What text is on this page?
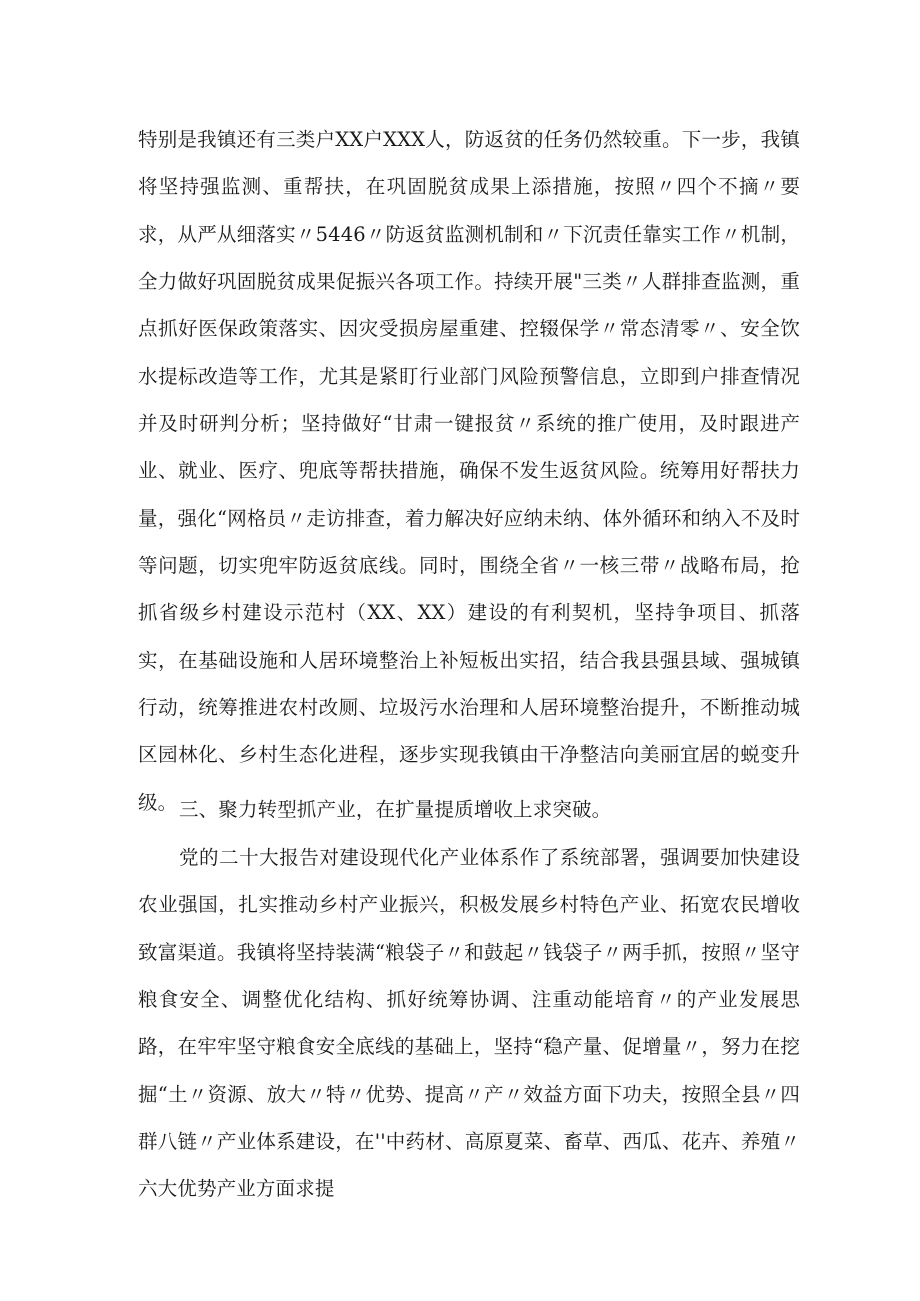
特别是我镇还有三类户XX户XXX人，防返贫的任务仍然较重。下一步，我镇将坚持强监测、重帮扶，在巩固脱贫成果上添措施，按照〃四个不摘〃要求，从严从细落实〃5446〃防返贫监测机制和〃下沉责任靠实工作〃机制，全力做好巩固脱贫成果促振兴各项工作。持续开展"三类〃人群排查监测，重点抓好医保政策落实、因灾受损房屋重建、控辍保学〃常态清零〃、安全饮水提标改造等工作，尤其是紧盯行业部门风险预警信息，立即到户排查情况并及时研判分析；坚持做好“甘肃一键报贫〃系统的推广使用，及时跟进产业、就业、医疗、兜底等帮扶措施，确保不发生返贫风险。统筹用好帮扶力量，强化“网格员〃走访排查，着力解决好应纳未纳、体外循环和纳入不及时等问题，切实兜牢防返贫底线。同时，围绕全省〃一核三带〃战略布局，抢抓省级乡村建设示范村（XX、XX）建设的有利契机，坚持争项目、抓落实，在基础设施和人居环境整治上补短板出实招，结合我县强县域、强城镇行动，统筹推进农村改厕、垃圾污水治理和人居环境整治提升，不断推动城区园林化、乡村生态化进程，逐步实现我镇由干净整洁向美丽宜居的蜕变升级。 三、聚力转型抓产业，在扩量提质增收上求突破。

党的二十大报告对建设现代化产业体系作了系统部署，强调要加快建设农业强国，扎实推动乡村产业振兴，积极发展乡村特色产业、拓宽农民增收致富渠道。我镇将坚持装满“粮袋子〃和鼓起〃钱袋子〃两手抓，按照〃坚守粮食安全、调整优化结构、抓好统筹协调、注重动能培育〃的产业发展思路，在牢牢坚守粮食安全底线的基础上，坚持“稳产量、促增量〃，努力在挖掘“土〃资源、放大〃特〃优势、提高〃产〃效益方面下功夫，按照全县〃四群八链〃产业体系建设，在''中药材、高原夏菜、畜草、西瓜、花卉、养殖〃六大优势产业方面求提
